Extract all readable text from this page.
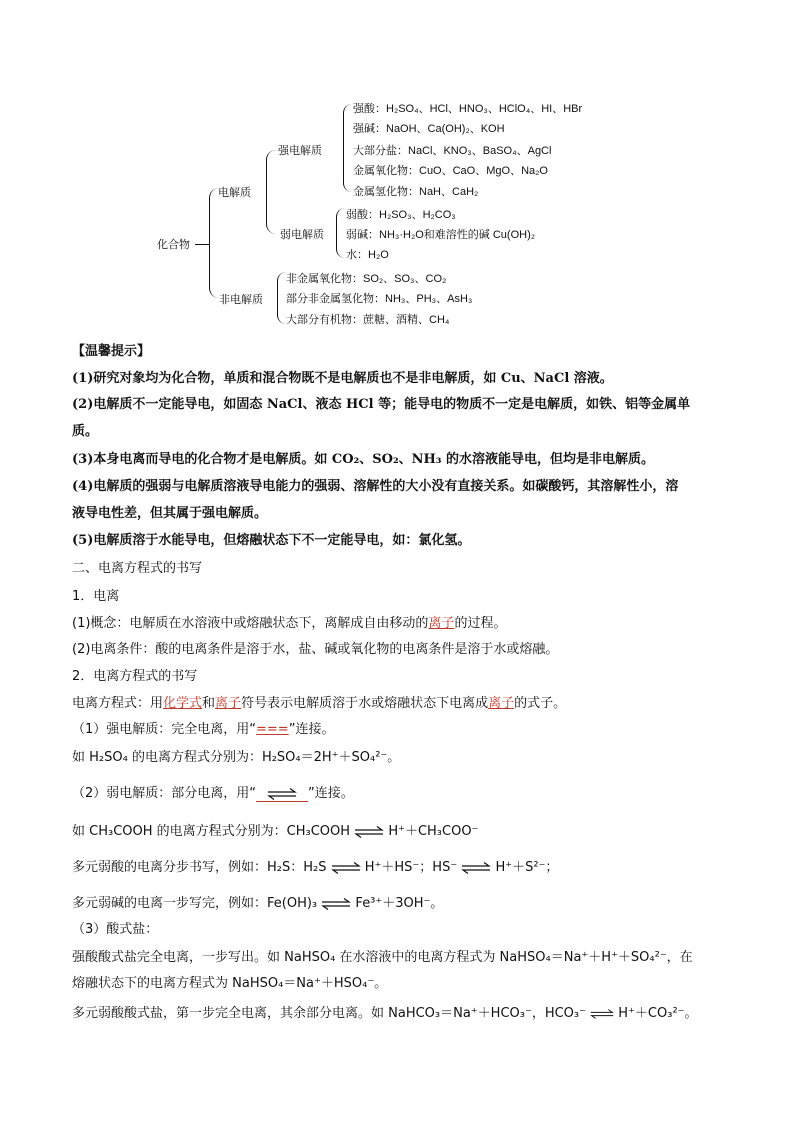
化合物
电解质
非电解质
强电解质
弱电解质
强酸：H₂SO₄、HCl、HNO₃、HClO₄、HI、HBr
强碱：NaOH、Ca(OH)₂、KOH
大部分盐：NaCl、KNO₃、BaSO₄、AgCl
金属氧化物：CuO、CaO、MgO、Na₂O
金属氢化物：NaH、CaH₂
弱酸：H₂SO₃、H₂CO₃
弱碱：NH₃·H₂O和难溶性的碱 Cu(OH)₂
水：H₂O
非金属氧化物：SO₂、SO₃、CO₂
部分非金属氢化物：NH₃、PH₃、AsH₃
大部分有机物：蔗糖、酒精、CH₄
【温馨提示】
(1)研究对象均为化合物，单质和混合物既不是电解质也不是非电解质，如 Cu、NaCl 溶液。
(2)电解质不一定能导电，如固态 NaCl、液态 HCl 等；能导电的物质不一定是电解质，如铁、铝等金属单
质。
(3)本身电离而导电的化合物才是电解质。如 CO₂、SO₂、NH₃ 的水溶液能导电，但均是非电解质。
(4)电解质的强弱与电解质溶液导电能力的强弱、溶解性的大小没有直接关系。如碳酸钙，其溶解性小，溶
液导电性差，但其属于强电解质。
(5)电解质溶于水能导电，但熔融状态下不一定能导电，如：氯化氢。
二、电离方程式的书写
1．电离
(1)概念：电解质在水溶液中或熔融状态下，离解成自由移动的离子的过程。
(2)电离条件：酸的电离条件是溶于水，盐、碱或氧化物的电离条件是溶于水或熔融。
2．电离方程式的书写
电离方程式：用化学式和离子符号表示电解质溶于水或熔融状态下电离成离子的式子。
（1）强电解质：完全电离，用“===”连接。
如 H₂SO₄ 的电离方程式分别为：H₂SO₄＝2H⁺＋SO₄²⁻。
（2）弱电解质：部分电离，用“	”连接。
如 CH₃COOH 的电离方程式分别为：CH₃COOH ⇌ H⁺＋CH₃COO⁻
多元弱酸的电离分步书写，例如：H₂S：H₂S ⇌ H⁺＋HS⁻；HS⁻ ⇌ H⁺＋S²⁻；
多元弱碱的电离一步写完，例如：Fe(OH)₃ ⇌ Fe³⁺＋3OH⁻。
（3）酸式盐：
强酸酸式盐完全电离，一步写出。如 NaHSO₄ 在水溶液中的电离方程式为 NaHSO₄＝Na⁺＋H⁺＋SO₄²⁻，在
熔融状态下的电离方程式为 NaHSO₄＝Na⁺＋HSO₄⁻。
多元弱酸酸式盐，第一步完全电离，其余部分电离。如 NaHCO₃＝Na⁺＋HCO₃⁻，HCO₃⁻ ⇌ H⁺＋CO₃²⁻。
